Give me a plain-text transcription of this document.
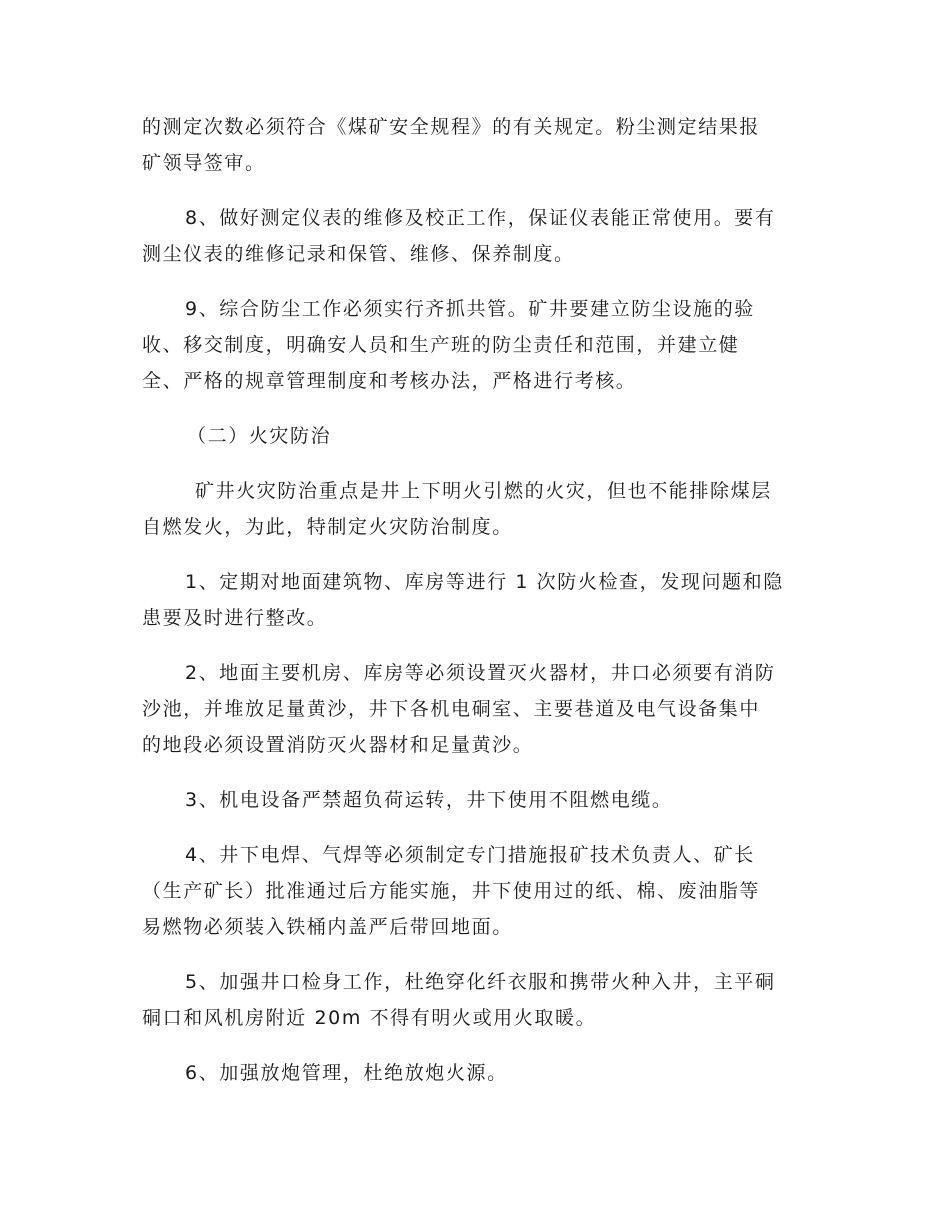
的测定次数必须符合《煤矿安全规程》的有关规定。粉尘测定结果报
矿领导签审。
8、做好测定仪表的维修及校正工作，保证仪表能正常使用。要有
测尘仪表的维修记录和保管、维修、保养制度。
9、综合防尘工作必须实行齐抓共管。矿井要建立防尘设施的验
收、移交制度，明确安人员和生产班的防尘责任和范围，并建立健
全、严格的规章管理制度和考核办法，严格进行考核。
（二）火灾防治
矿井火灾防治重点是井上下明火引燃的火灾，但也不能排除煤层
自燃发火，为此，特制定火灾防治制度。
1、定期对地面建筑物、库房等进行 1 次防火检查，发现问题和隐
患要及时进行整改。
2、地面主要机房、库房等必须设置灭火器材，井口必须要有消防
沙池，并堆放足量黄沙，井下各机电硐室、主要巷道及电气设备集中
的地段必须设置消防灭火器材和足量黄沙。
3、机电设备严禁超负荷运转，井下使用不阻燃电缆。
4、井下电焊、气焊等必须制定专门措施报矿技术负责人、矿长
（生产矿长）批准通过后方能实施，井下使用过的纸、棉、废油脂等
易燃物必须装入铁桶内盖严后带回地面。
5、加强井口检身工作，杜绝穿化纤衣服和携带火种入井，主平硐
硐口和风机房附近 20m 不得有明火或用火取暖。
6、加强放炮管理，杜绝放炮火源。
